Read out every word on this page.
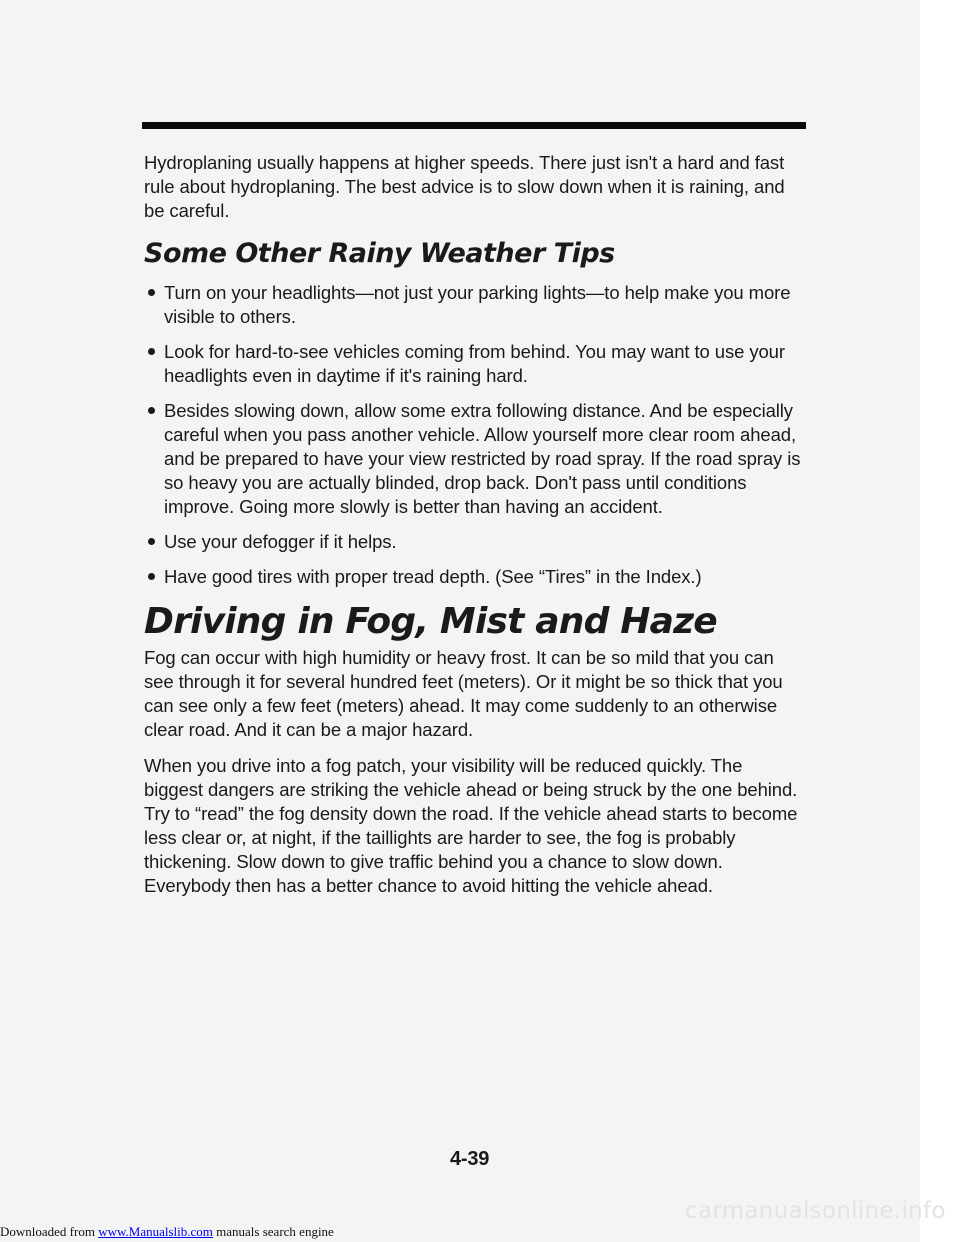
Hydroplaning usually happens at higher speeds. There just isn't a hard and fast rule about hydroplaning. The best advice is to slow down when it is raining, and be careful.

Some Other Rainy Weather Tips
Turn on your headlights—not just your parking lights—to help make you more visible to others.
Look for hard-to-see vehicles coming from behind. You may want to use your headlights even in daytime if it's raining hard.
Besides slowing down, allow some extra following distance. And be especially careful when you pass another vehicle. Allow yourself more clear room ahead, and be prepared to have your view restricted by road spray. If the road spray is so heavy you are actually blinded, drop back. Don't pass until conditions improve. Going more slowly is better than having an accident.
Use your defogger if it helps.
Have good tires with proper tread depth. (See “Tires” in the Index.)
Driving in Fog, Mist and Haze

Fog can occur with high humidity or heavy frost. It can be so mild that you can see through it for several hundred feet (meters). Or it might be so thick that you can see only a few feet (meters) ahead. It may come suddenly to an otherwise clear road. And it can be a major hazard.

When you drive into a fog patch, your visibility will be reduced quickly. The biggest dangers are striking the vehicle ahead or being struck by the one behind. Try to “read” the fog density down the road. If the vehicle ahead starts to become less clear or, at night, if the taillights are harder to see, the fog is probably thickening. Slow down to give traffic behind you a chance to slow down. Everybody then has a better chance to avoid hitting the vehicle ahead.

4-39
Downloaded from www.Manualslib.com manuals search engine
carmanualsonline.info
